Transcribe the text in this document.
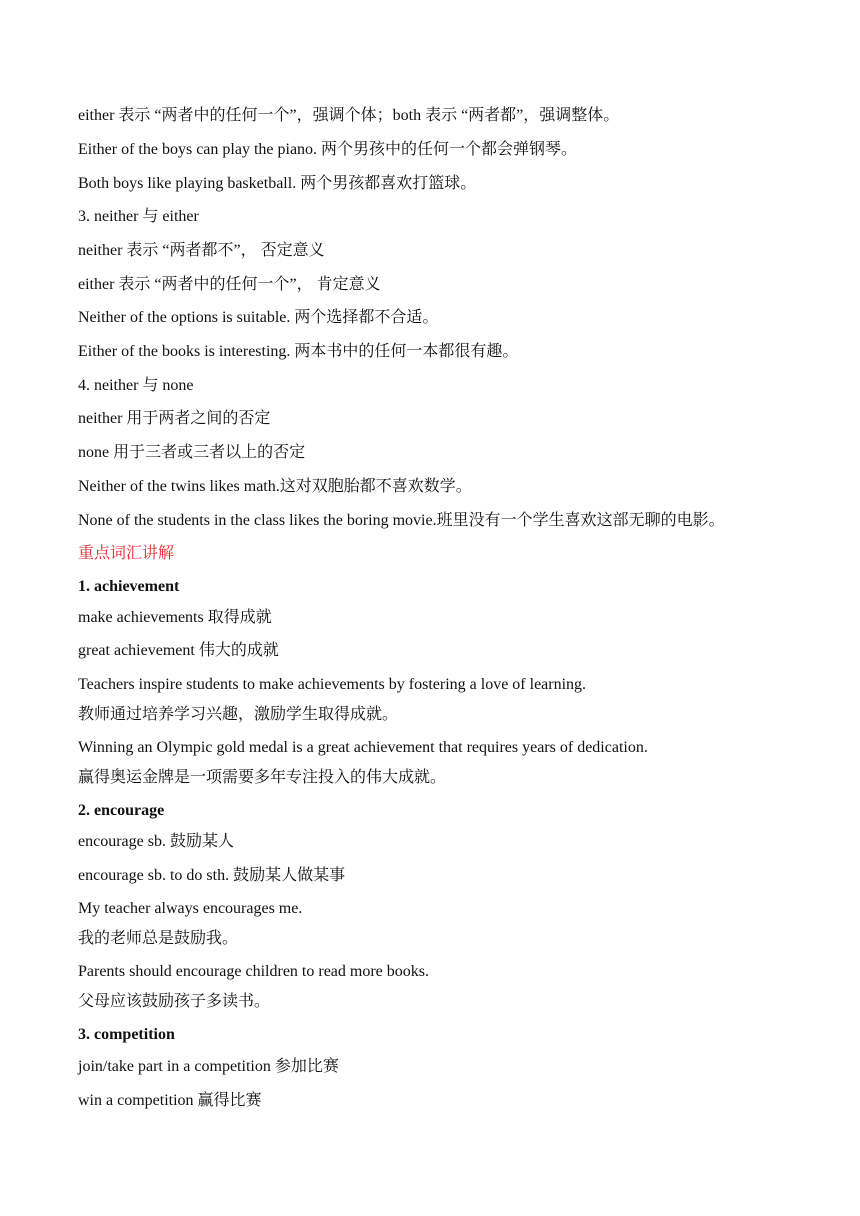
either 表示 “两者中的任何一个”，强调个体；both 表示 “两者都”，强调整体。
Either of the boys can play the piano. 两个男孩中的任何一个都会弹钢琴。
Both boys like playing basketball. 两个男孩都喜欢打篮球。
3. neither 与 either
neither 表示 “两者都不”， 否定意义
either 表示 “两者中的任何一个”， 肯定意义
Neither of the options is suitable. 两个选择都不合适。
Either of the books is interesting. 两本书中的任何一本都很有趣。
4. neither 与 none
neither 用于两者之间的否定
none 用于三者或三者以上的否定
Neither of the twins likes math.这对双胞胎都不喜欢数学。
None of the students in the class likes the boring movie.班里没有一个学生喜欢这部无聊的电影。
重点词汇讲解
1. achievement
make achievements 取得成就
great achievement 伟大的成就
Teachers inspire students to make achievements by fostering a love of learning.
教师通过培养学习兴趣，激励学生取得成就。
Winning an Olympic gold medal is a great achievement that requires years of dedication.
赢得奥运金牌是一项需要多年专注投入的伟大成就。
2. encourage
encourage sb. 鼓励某人
encourage sb. to do sth. 鼓励某人做某事
My teacher always encourages me.
我的老师总是鼓励我。
Parents should encourage children to read more books.
父母应该鼓励孩子多读书。
3. competition
join/take part in a competition 参加比赛
win a competition 赢得比赛
